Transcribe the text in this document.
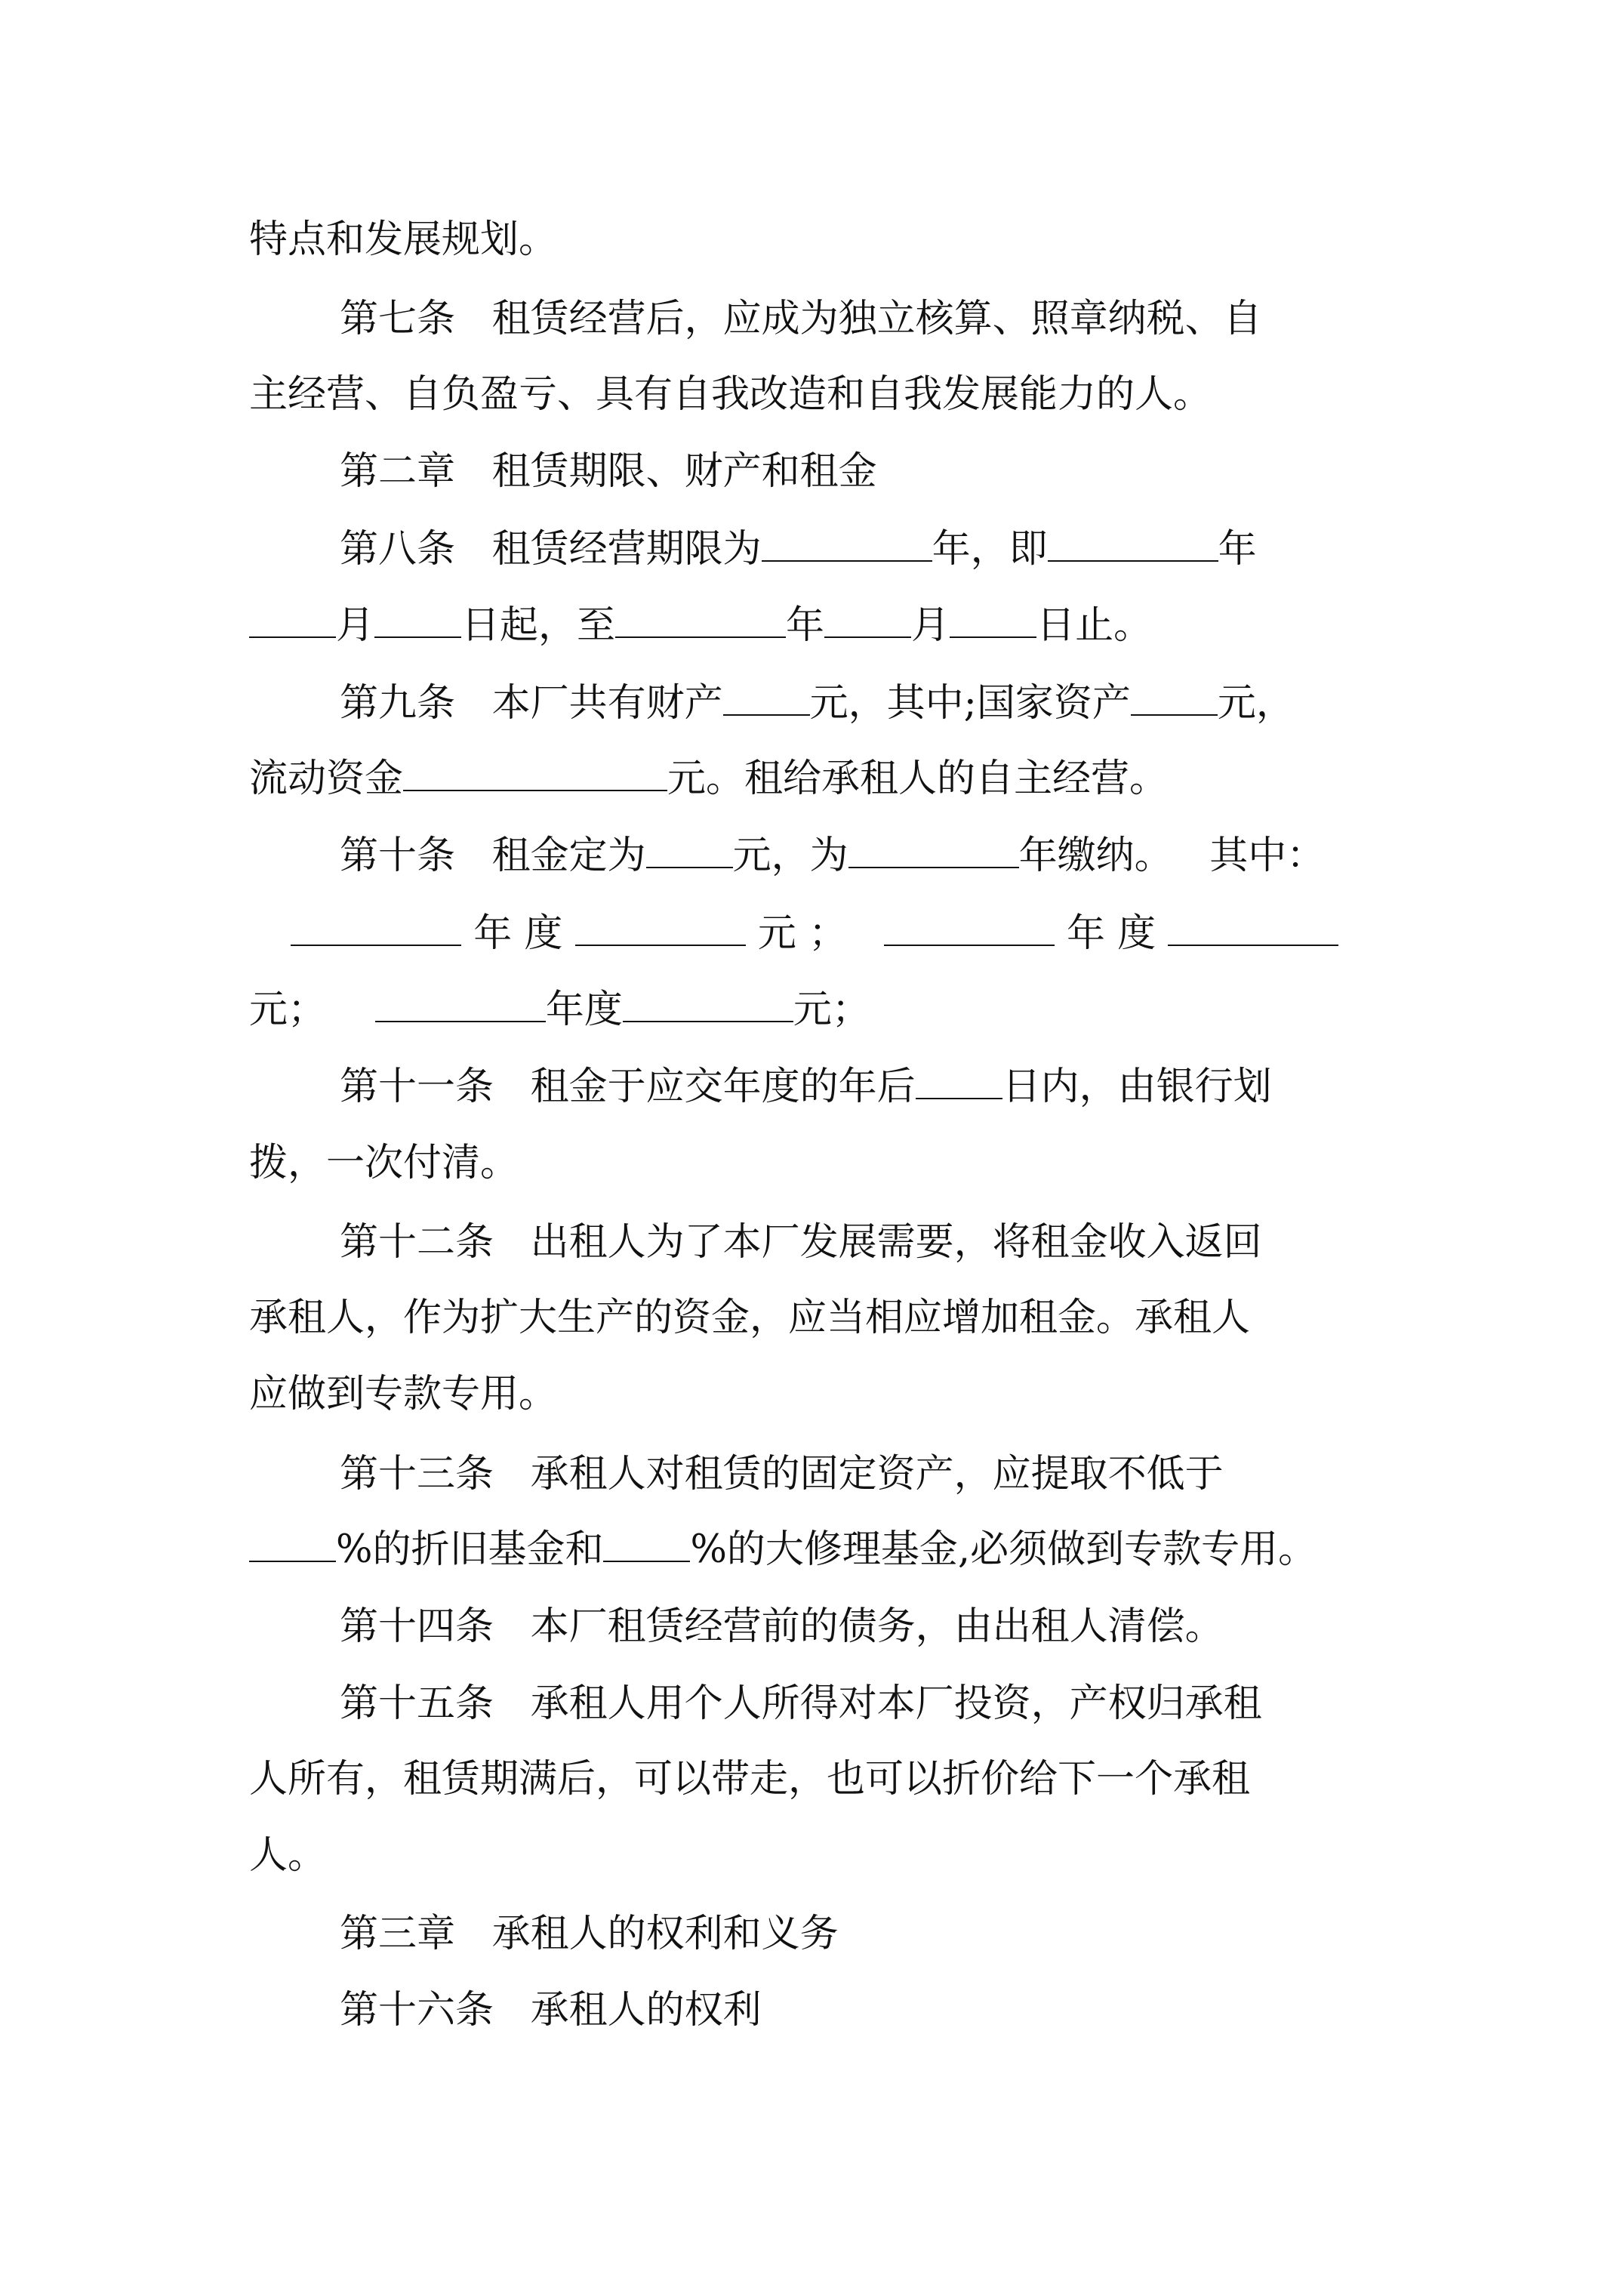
特点和发展规划。
第七条   租赁经营后，应成为独立核算、照章纳税、自
主经营、自负盈亏、具有自我改造和自我发展能力的人。
第二章   租赁期限、财产和租金
第八条   租赁经营期限为	年，即	年
月 日起，至	年 月 日止。
第九条   本厂共有财产 元，其中;国家资产 元，
流动资金	元。租给承租人的自主经营。
第十条   租金定为 元，为	年缴纳。   其中：
年 度	元 ；	年 度
元；	年度	元；
第十一条   租金于应交年度的年后 日内，由银行划
拨，一次付清。
第十二条   出租人为了本厂发展需要，将租金收入返回
承租人，作为扩大生产的资金，应当相应增加租金。承租人
应做到专款专用。
第十三条   承租人对租赁的固定资产，应提取不低于
%的折旧基金和 %的大修理基金,必须做到专款专用。
第十四条   本厂租赁经营前的债务，由出租人清偿。
第十五条   承租人用个人所得对本厂投资，产权归承租
人所有，租赁期满后，可以带走，也可以折价给下一个承租
人。
第三章   承租人的权利和义务
第十六条   承租人的权利
